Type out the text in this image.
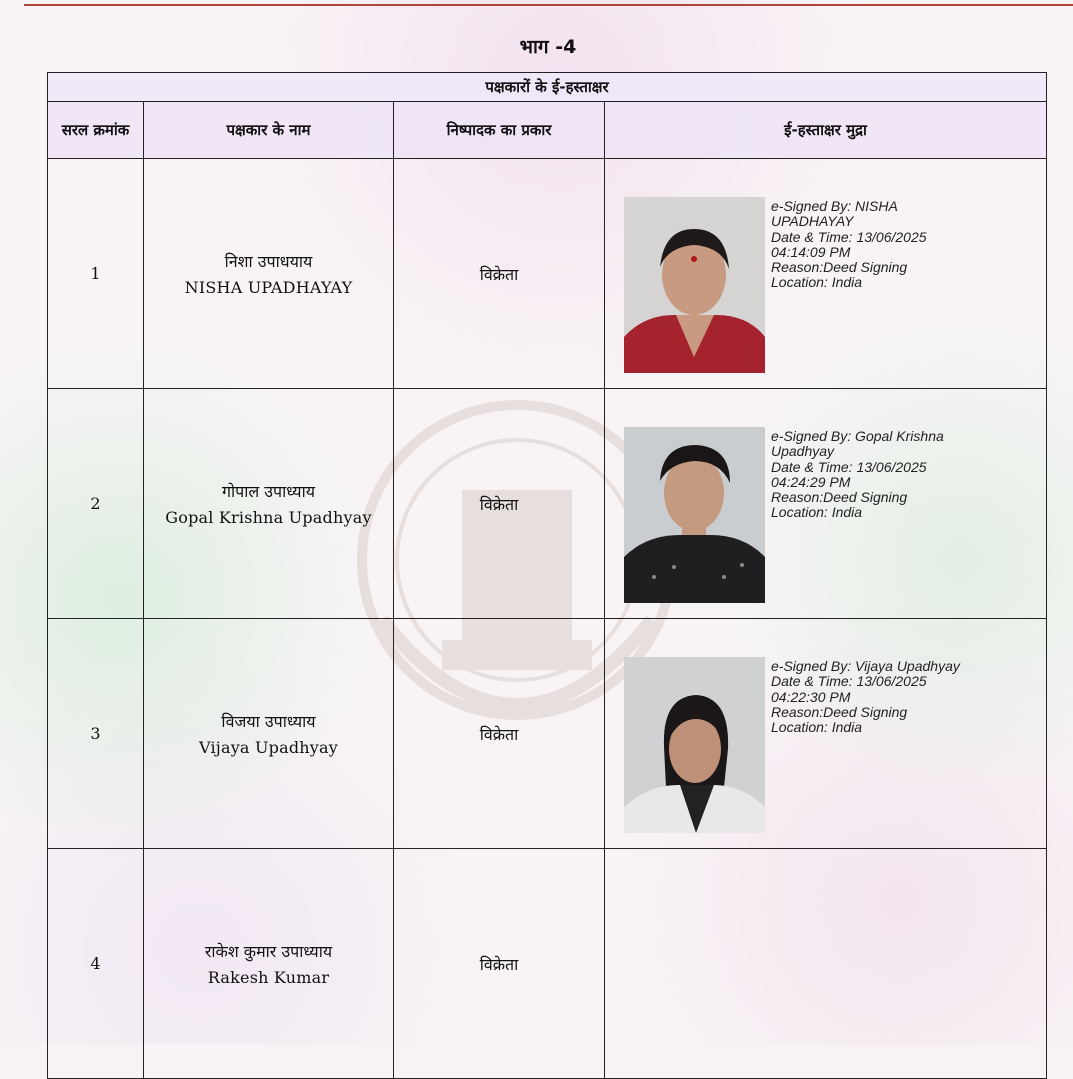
भाग -4
पक्षकारों के ई-हस्ताक्षर			
सरल क्रमांक	पक्षकार के नाम	निष्पादक का प्रकार	ई-हस्ताक्षर मुद्रा
1	निशा उपाधयाय
NISHA UPADHAYAY	विक्रेता	e-Signed By: NISHA UPADHAYAY
Date & Time: 13/06/2025 04:14:09 PM
Reason:Deed Signing
Location: India

2	गोपाल उपाध्याय
Gopal Krishna Upadhyay	विक्रेता	e-Signed By: Gopal Krishna Upadhyay
Date & Time: 13/06/2025 04:24:29 PM
Reason:Deed Signing
Location: India

3	विजया उपाध्याय
Vijaya Upadhyay	विक्रेता	e-Signed By: Vijaya Upadhyay
Date & Time: 13/06/2025 04:22:30 PM
Reason:Deed Signing
Location: India

4	राकेश कुमार उपाध्याय
Rakesh Kumar	विक्रेता	
